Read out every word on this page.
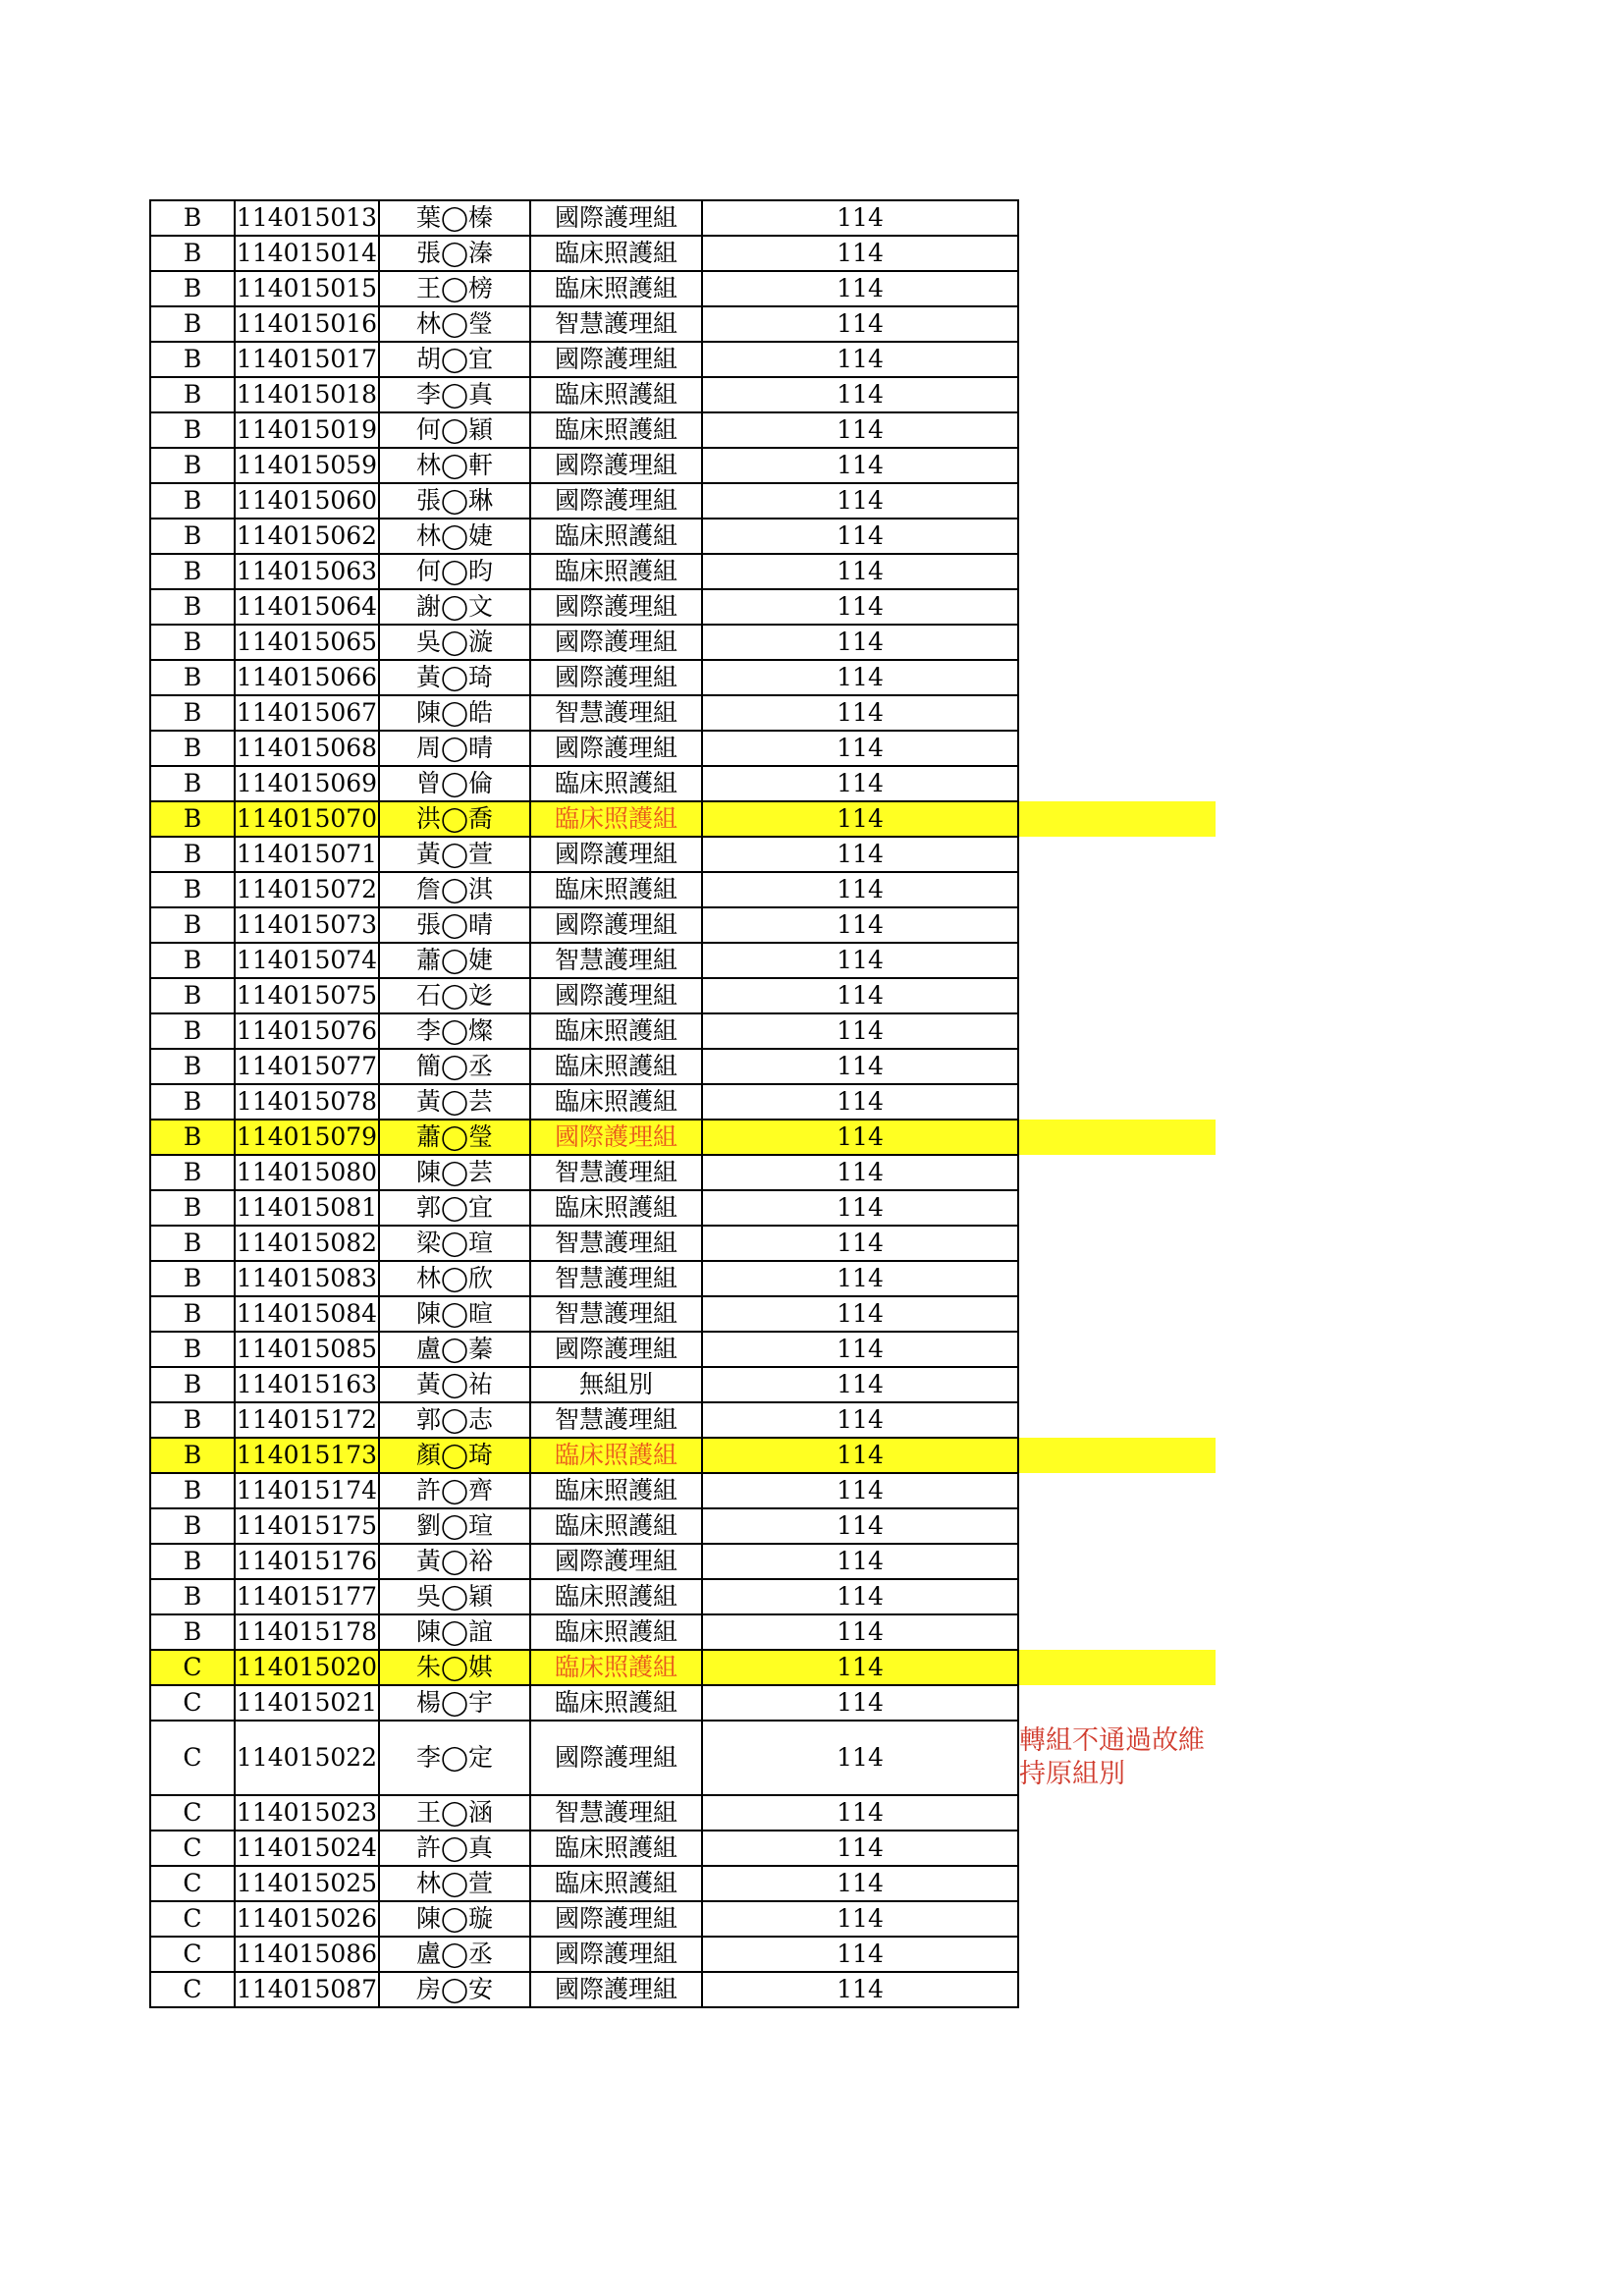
B	114015013	葉◯榛	國際護理組	114	
B	114015014	張◯溱	臨床照護組	114	
B	114015015	王◯榜	臨床照護組	114	
B	114015016	林◯瑩	智慧護理組	114	
B	114015017	胡◯宜	國際護理組	114	
B	114015018	李◯真	臨床照護組	114	
B	114015019	何◯穎	臨床照護組	114	
B	114015059	林◯軒	國際護理組	114	
B	114015060	張◯琳	國際護理組	114	
B	114015062	林◯婕	臨床照護組	114	
B	114015063	何◯昀	臨床照護組	114	
B	114015064	謝◯文	國際護理組	114	
B	114015065	吳◯漩	國際護理組	114	
B	114015066	黃◯琦	國際護理組	114	
B	114015067	陳◯皓	智慧護理組	114	
B	114015068	周◯晴	國際護理組	114	
B	114015069	曾◯倫	臨床照護組	114	
B	114015070	洪◯喬	臨床照護組	114	
B	114015071	黃◯萱	國際護理組	114	
B	114015072	詹◯淇	臨床照護組	114	
B	114015073	張◯晴	國際護理組	114	
B	114015074	蕭◯婕	智慧護理組	114	
B	114015075	石◯彣	國際護理組	114	
B	114015076	李◯燦	臨床照護組	114	
B	114015077	簡◯丞	臨床照護組	114	
B	114015078	黃◯芸	臨床照護組	114	
B	114015079	蕭◯瑩	國際護理組	114	
B	114015080	陳◯芸	智慧護理組	114	
B	114015081	郭◯宜	臨床照護組	114	
B	114015082	梁◯瑄	智慧護理組	114	
B	114015083	林◯欣	智慧護理組	114	
B	114015084	陳◯暄	智慧護理組	114	
B	114015085	盧◯蓁	國際護理組	114	
B	114015163	黃◯祐	無組別	114	
B	114015172	郭◯志	智慧護理組	114	
B	114015173	顏◯琦	臨床照護組	114	
B	114015174	許◯齊	臨床照護組	114	
B	114015175	劉◯瑄	臨床照護組	114	
B	114015176	黃◯裕	國際護理組	114	
B	114015177	吳◯穎	臨床照護組	114	
B	114015178	陳◯誼	臨床照護組	114	
C	114015020	朱◯娸	臨床照護組	114	
C	114015021	楊◯宇	臨床照護組	114	
C	114015022	李◯定	國際護理組	114	轉組不通過故維持原組別
C	114015023	王◯涵	智慧護理組	114	
C	114015024	許◯真	臨床照護組	114	
C	114015025	林◯萱	臨床照護組	114	
C	114015026	陳◯璇	國際護理組	114	
C	114015086	盧◯丞	國際護理組	114	
C	114015087	房◯安	國際護理組	114	
